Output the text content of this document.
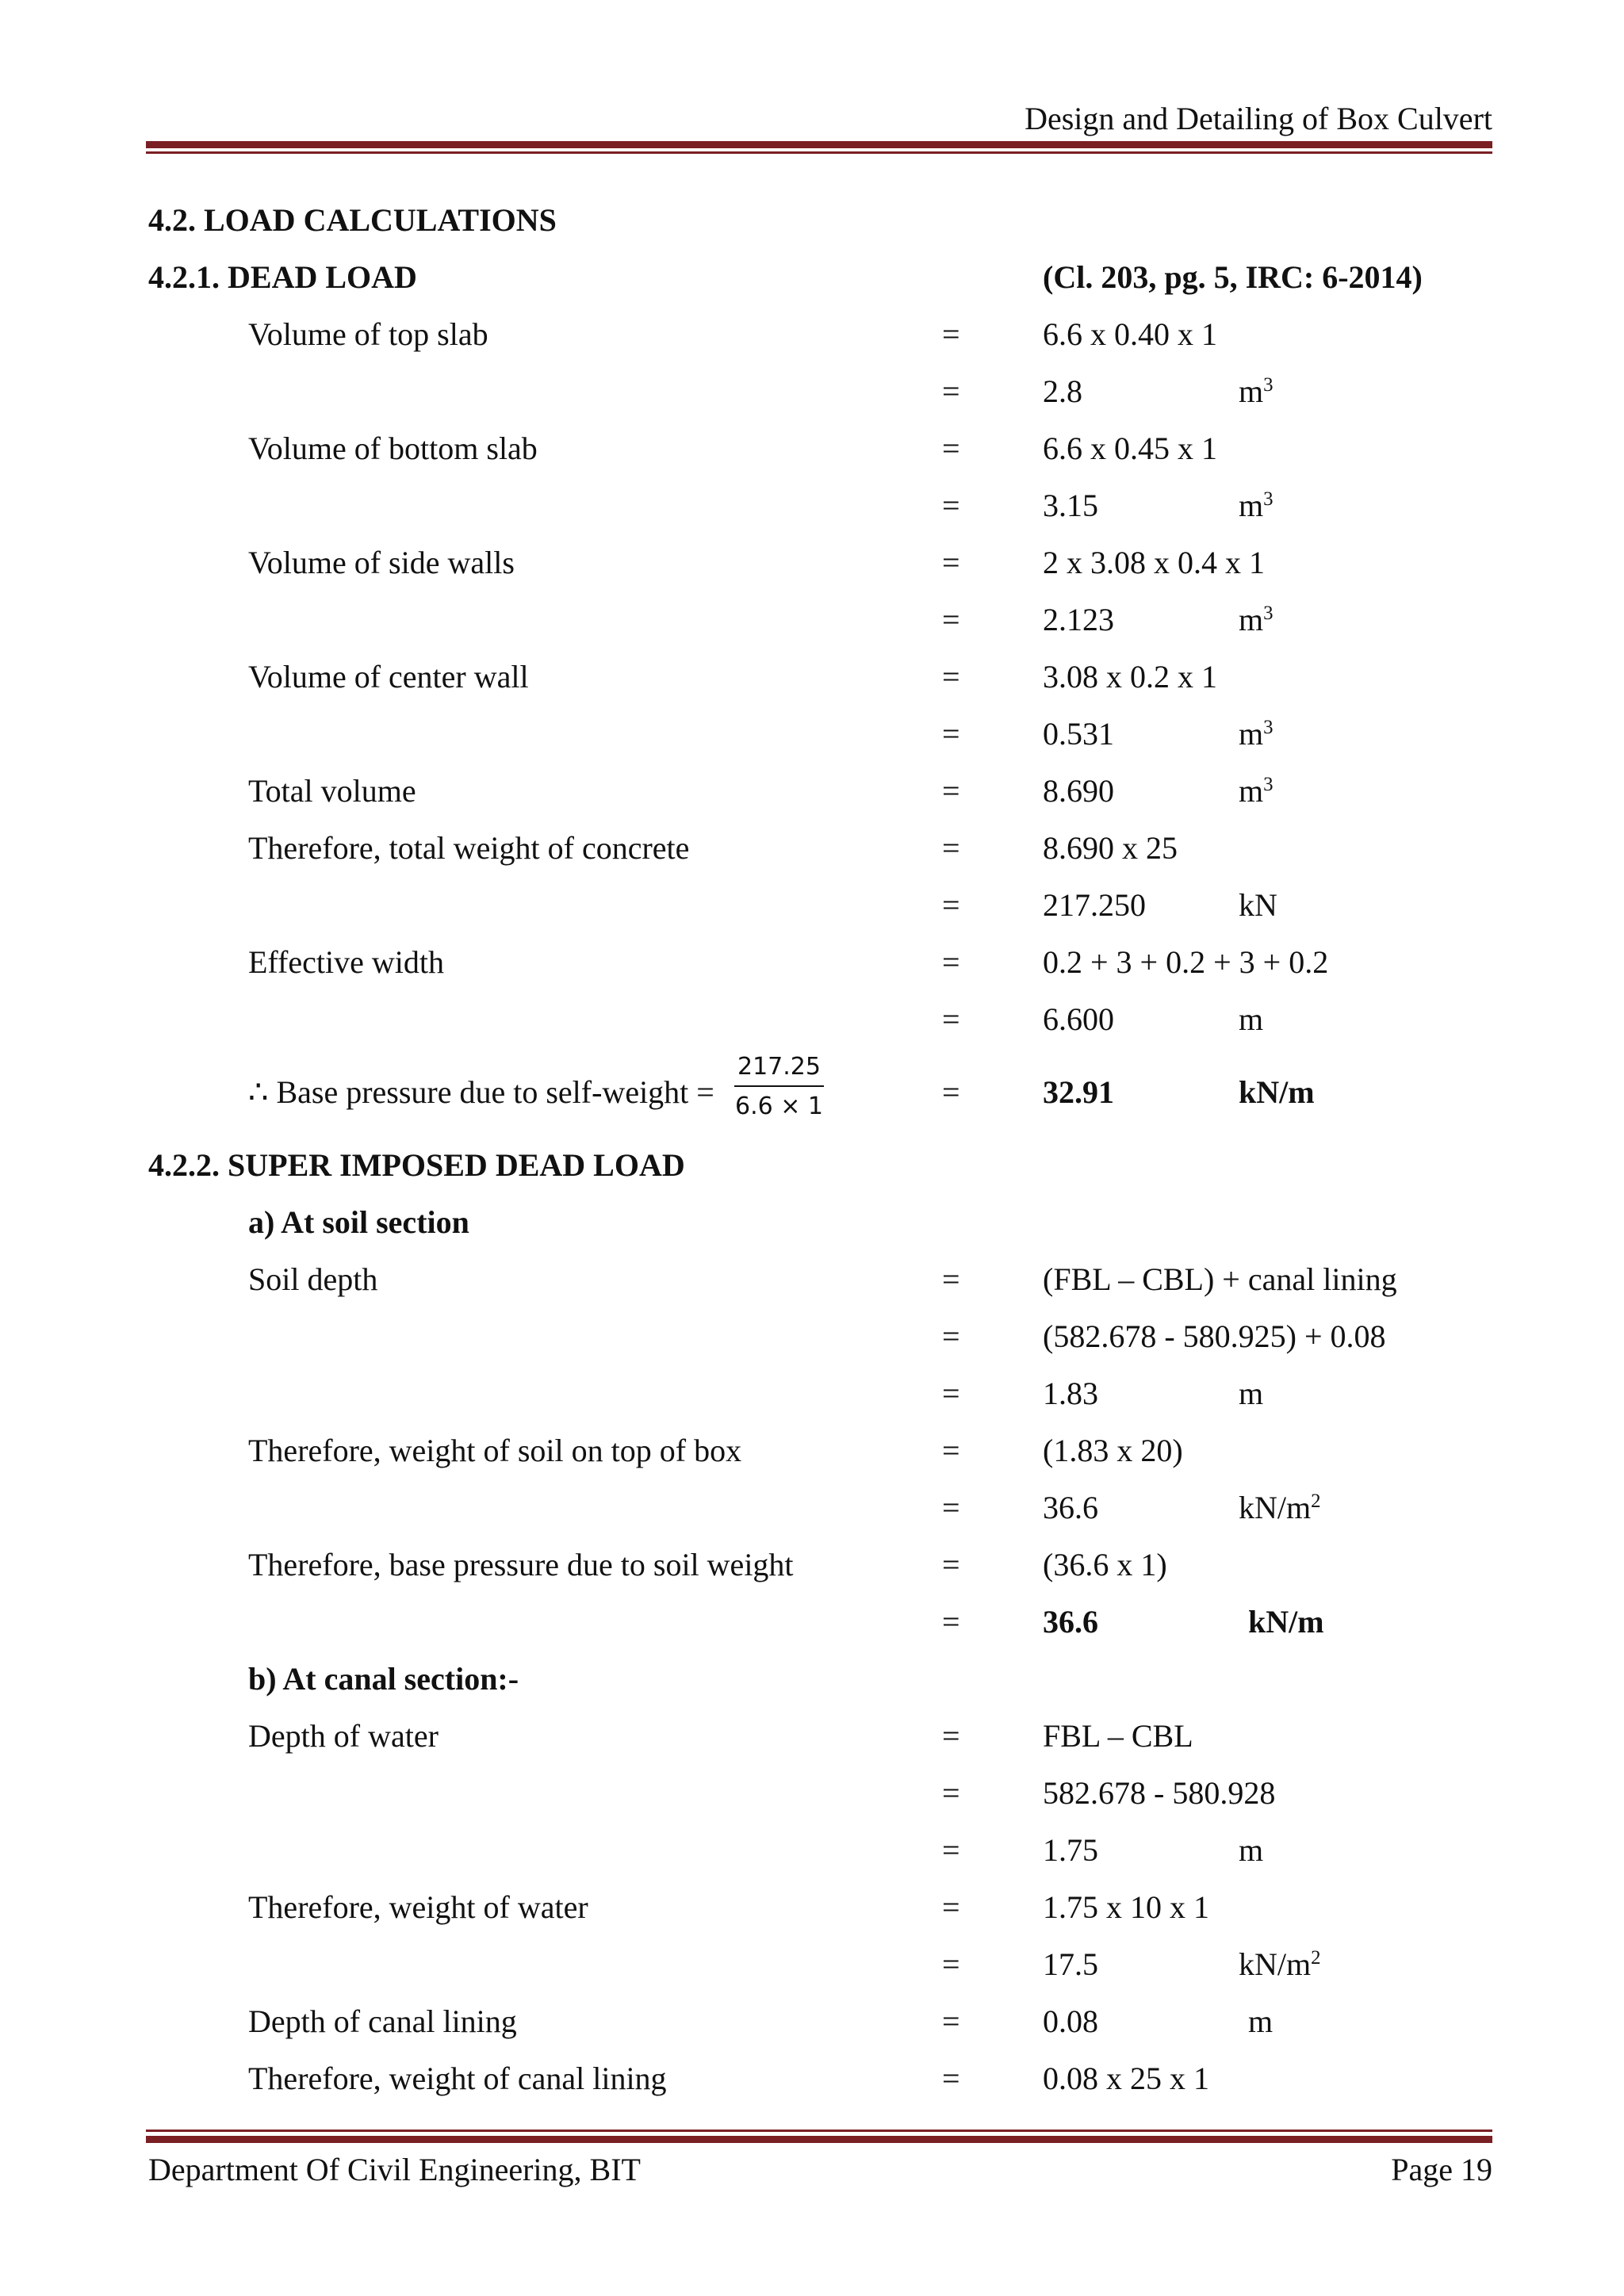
Design and Detailing of Box Culvert
4.2. LOAD CALCULATIONS
4.2.1. DEAD LOAD	(Cl. 203, pg. 5, IRC: 6-2014)
Volume of top slab	=	6.6 x 0.40 x 1
=	2.8	$m^3$
Volume of bottom slab	=	6.6 x 0.45 x 1
=	3.15	$m^3$
Volume of side walls	=	2 x 3.08 x 0.4 x 1
=	2.123	$m^3$
Volume of center wall	=	3.08 x 0.2 x 1
=	0.531	$m^3$
Total volume	=	8.690	$m^3$
Therefore, total weight of concrete	=	8.690 x 25
=	217.250	kN
Effective width	=	0.2 + 3 + 0.2 + 3 + 0.2
=	6.600	m
∴ Base pressure due to self-weight = $\frac{217.25}{6.6 \times 1}$	=	32.91	kN/m
4.2.2. SUPER IMPOSED DEAD LOAD
a) At soil section
Soil depth	=	(FBL – CBL) + canal lining
=	(582.678 - 580.925) + 0.08
=	1.83	m
Therefore, weight of soil on top of box	=	(1.83 x 20)
=	36.6	$kN/m^2$
Therefore, base pressure due to soil weight	=	(36.6 x 1)
=	36.6	kN/m
b) At canal section:-
Depth of water	=	FBL – CBL
=	582.678 - 580.928
=	1.75	m
Therefore, weight of water	=	1.75 x 10 x 1
=	17.5	$kN/m^2$
Depth of canal lining	=	0.08	m
Therefore, weight of canal lining	=	0.08 x 25 x 1
Department Of Civil Engineering, BIT	Page 19
